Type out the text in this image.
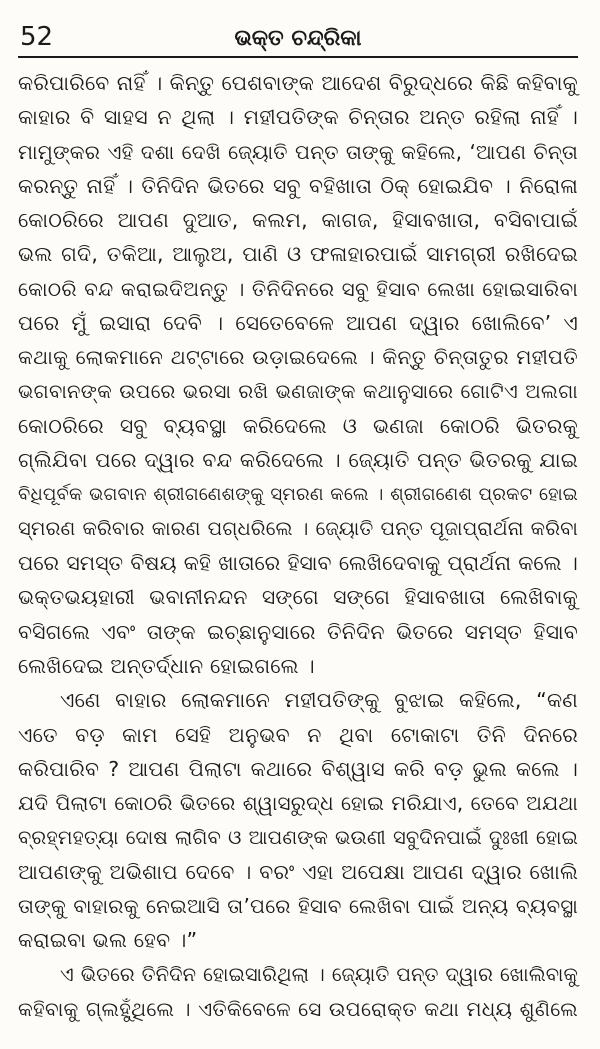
52	ଭକ୍ତ ଚନ୍ଦ୍ରିକା

କରିପାରିବେ ନାହିଁ । କିନ୍ତୁ ପେଶବାଙ୍କ ଆଦେଶ ବିରୁଦ୍ଧରେ କିଛି କହିବାକୁ
କାହାର ବି ସାହସ ନ ଥିଲା । ମହୀପତିଙ୍କ ଚିନ୍ତାର ଅନ୍ତ ରହିଲା ନାହିଁ ।
ମାମୁଙ୍କର ଏହି ଦଶା ଦେଖି ଜ୍ୟୋତି ପନ୍ତ ତାଙ୍କୁ କହିଲେ, ‘ଆପଣ ଚିନ୍ତା
କରନ୍ତୁ ନାହିଁ । ତିନିଦିନ ଭିତରେ ସବୁ ବହିଖାତା ଠିକ୍ ହୋଇଯିବ । ନିରୋଳା
କୋଠରିରେ ଆପଣ ଦୁଆତ, କଲମ, କାଗଜ, ହିସାବଖାତା, ବସିବାପାଇଁ
ଭଲ ଗଦି, ତକିଆ, ଆଲୁଅ, ପାଣି ଓ ଫଳାହାରପାଇଁ ସାମଗ୍ରୀ ରଖିଦେଇ
କୋଠରି ବନ୍ଦ କରାଇଦିଅନ୍ତୁ । ତିନିଦିନରେ ସବୁ ହିସାବ ଲେଖା ହୋଇସାରିବା
ପରେ ମୁଁ ଇସାରା ଦେବି । ସେତେବେଳେ ଆପଣ ଦ୍ୱାର ଖୋଲିବେ’ ଏ
କଥାକୁ ଲୋକମାନେ ଥଟ୍ଟାରେ ଉଡ଼ାଇଦେଲେ । କିନ୍ତୁ ଚିନ୍ତାତୁର ମହୀପତି
ଭଗବାନଙ୍କ ଉପରେ ଭରସା ରଖି ଭଣଜାଙ୍କ କଥାନୁସାରେ ଗୋଟିଏ ଅଲଗା
କୋଠରିରେ ସବୁ ବ୍ୟବସ୍ଥା କରିଦେଲେ ଓ ଭଣଜା କୋଠରି ଭିତରକୁ
ଗ୍ଲିଯିବା ପରେ ଦ୍ୱାର ବନ୍ଦ କରିଦେଲେ । ଜ୍ୟୋତି ପନ୍ତ ଭିତରକୁ ଯାଇ
ବିଧିପୂର୍ବକ ଭଗବାନ ଶ୍ରୀଗଣେଶଙ୍କୁ ସ୍ମରଣ କଲେ । ଶ୍ରୀଗଣେଶ ପ୍ରକଟ ହୋଇ
ସ୍ମରଣ କରିବାର କାରଣ ପଗ୍ଧରିଲେ । ଜ୍ୟୋତି ପନ୍ତ ପୂଜାପ୍ରାର୍ଥନା କରିବା
ପରେ ସମସ୍ତ ବିଷୟ କହି ଖାତାରେ ହିସାବ ଲେଖିଦେବାକୁ ପ୍ରାର୍ଥନା କଲେ ।
ଭକ୍ତଭୟହାରୀ ଭବାନୀନନ୍ଦନ ସଙ୍ଗେ ସଙ୍ଗେ ହିସାବଖାତା ଲେଖିବାକୁ
ବସିଗଲେ ଏବଂ ତାଙ୍କ ଇଚ୍ଛାନୁସାରେ ତିନିଦିନ ଭିତରେ ସମସ୍ତ ହିସାବ
ଲେଖିଦେଇ ଅନ୍ତର୍ଦ୍ଧାନ ହୋଇଗଲେ ।

ଏଣେ ବାହାର ଲୋକମାନେ ମହୀପତିଙ୍କୁ ବୁଝାଇ କହିଲେ, “କଣ
ଏତେ ବଡ଼ କାମ ସେହି ଅନୁଭବ ନ ଥିବା ଟୋକାଟା ତିନି ଦିନରେ
କରିପାରିବ ? ଆପଣ ପିଲାଟା କଥାରେ ବିଶ୍ୱାସ କରି ବଡ଼ ଭୁଲ କଲେ ।
ଯଦି ପିଲାଟା କୋଠରି ଭିତରେ ଶ୍ୱାସରୁଦ୍ଧ ହୋଇ ମରିଯାଏ, ତେବେ ଅଯଥା
ବ୍ରହ୍ମହତ୍ୟା ଦୋଷ ଲାଗିବ ଓ ଆପଣଙ୍କ ଭଉଣୀ ସବୁଦିନପାଇଁ ଦୁଃଖୀ ହୋଇ
ଆପଣଙ୍କୁ ଅଭିଶାପ ଦେବେ । ବରଂ ଏହା ଅପେକ୍ଷା ଆପଣ ଦ୍ୱାର ଖୋଲି
ତାଙ୍କୁ ବାହାରକୁ ନେଇଆସି ତା’ପରେ ହିସାବ ଲେଖିବା ପାଇଁ ଅନ୍ୟ ବ୍ୟବସ୍ଥା
କରାଇବା ଭଲ ହେବ ।”

ଏ ଭିତରେ ତିନିଦିନ ହୋଇସାରିଥିଲା । ଜ୍ୟୋତି ପନ୍ତ ଦ୍ୱାର ଖୋଲିବାକୁ
କହିବାକୁ ଗ୍ଲହୁଁଥିଲେ । ଏତିକିବେଳେ ସେ ଉପରୋକ୍ତ କଥା ମଧ୍ୟ ଶୁଣିଲେ
